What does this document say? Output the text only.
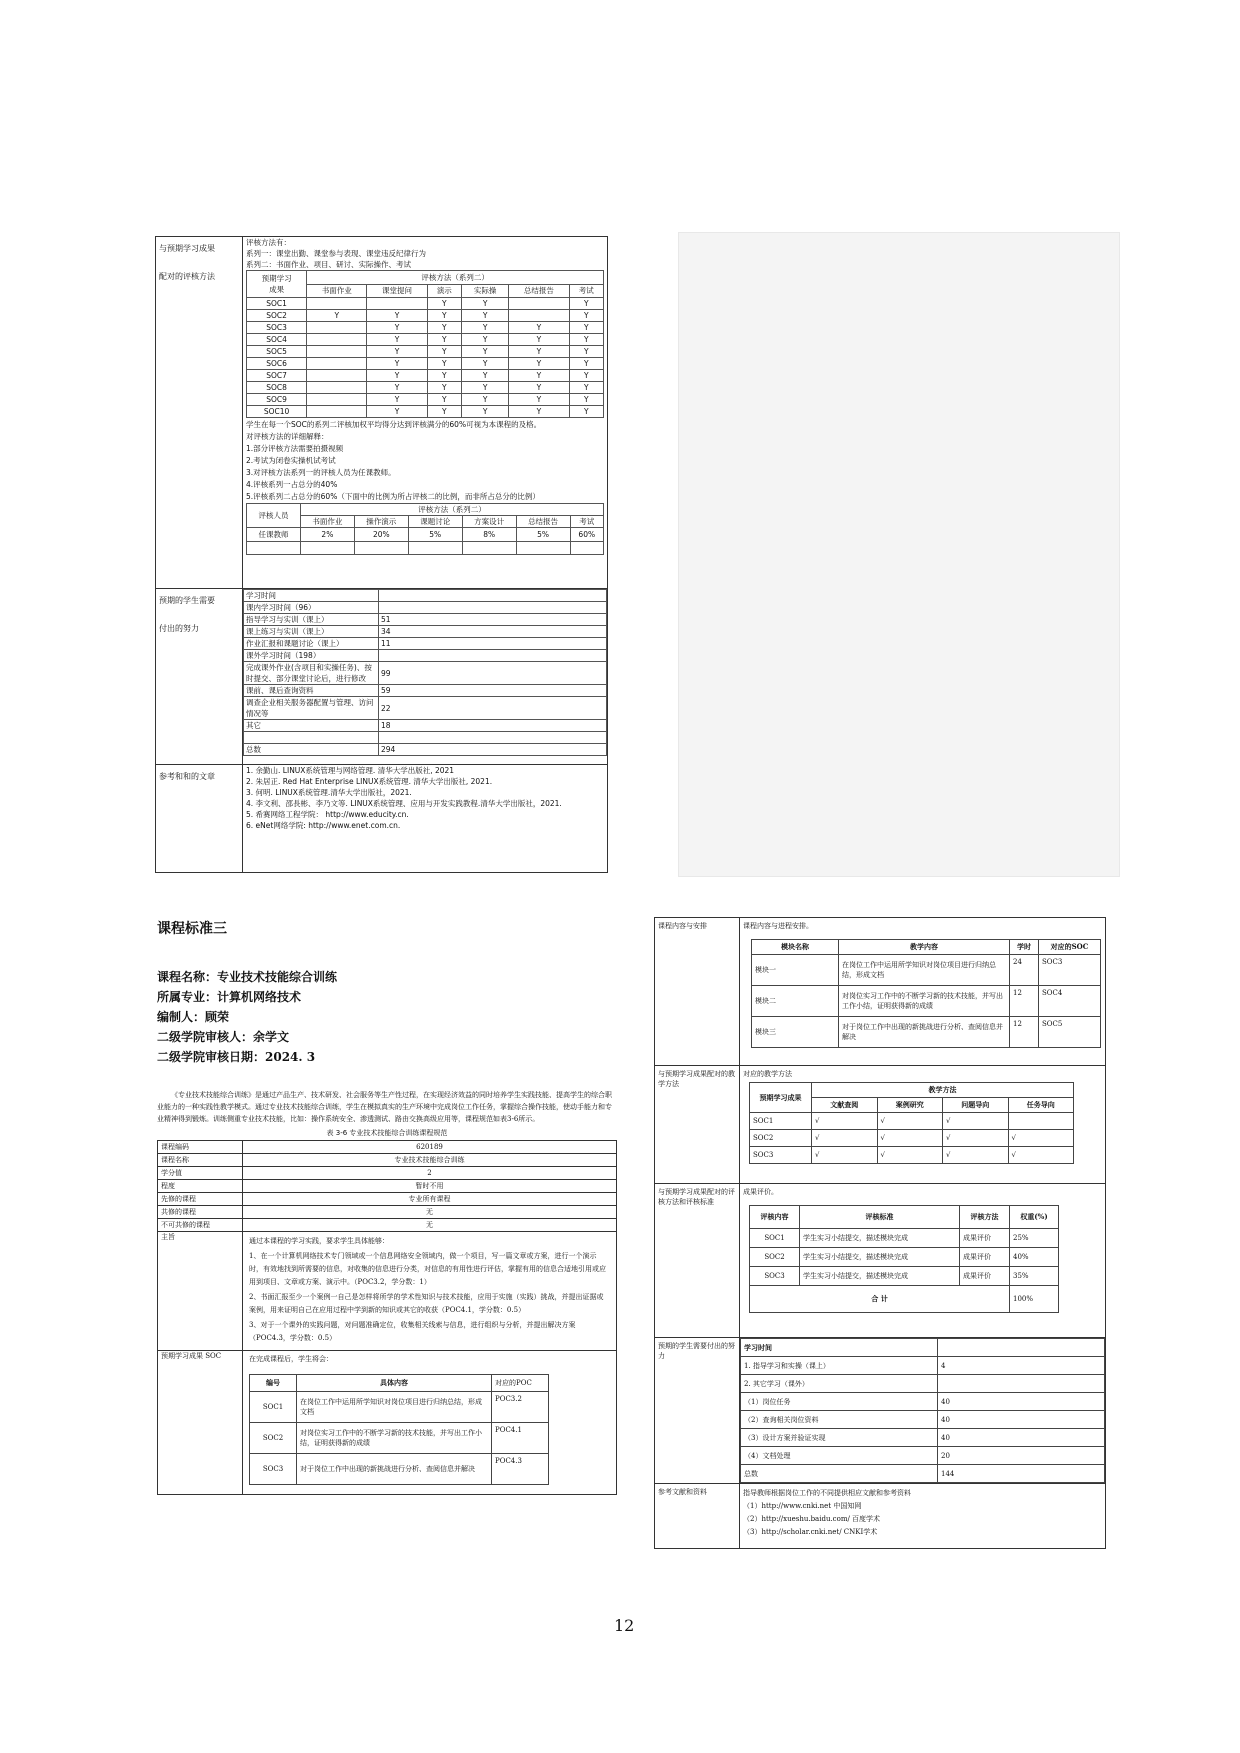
与预期学习成果
配对的评核方法

评核方法有：
系列一：课堂出勤、课堂参与表现、课堂违反纪律行为
系列二：书面作业、项目、研讨、实际操作、考试
预期学习
成果	评核方法（系列二）
书面作业	课堂提问	演示	实际操	总结报告	考试
SOC1			Y	Y		Y
SOC2	Y	Y	Y	Y		Y
SOC3		Y	Y	Y	Y	Y
SOC4		Y	Y	Y	Y	Y
SOC5		Y	Y	Y	Y	Y
SOC6		Y	Y	Y	Y	Y
SOC7		Y	Y	Y	Y	Y
SOC8		Y	Y	Y	Y	Y
SOC9		Y	Y	Y	Y	Y
SOC10		Y	Y	Y	Y	Y
学生在每一个SOC的系列二评核加权平均得分达到评核满分的60%可视为本课程的及格。
对评核方法的详细解释：
1.部分评核方法需要拍摄视频
2.考试为闭卷实操机试考试
3.对评核方法系列一的评核人员为任课教师。
4.评核系列一占总分的40%
5.评核系列二占总分的60%（下面中的比例为所占评核二的比例，而非所占总分的比例）
评核人员	评核方法（系列二）
书面作业	操作演示	课题讨论	方案设计	总结报告	考试
任课教师	2%	20%	5%	8%	5%	60%

预期的学生需要
付出的努力

学习时间	
课内学习时间（96）	
指导学习与实训（课上）	51
课上练习与实训（课上）	34
作业汇报和课题讨论（课上）	11
课外学习时间（198）	
完成课外作业(含项目和实操任务)、按时提交、部分课堂讨论后，进行修改	99
课前、课后查询资料	59
调查企业相关服务器配置与管理、访问情况等	22
其它	18

总数	294

参考和和的文章	
1. 余勤山. LINUX系统管理与网络管理. 清华大学出版社, 2021
2. 朱居正. Red Hat Enterprise LINUX系统管理. 清华大学出版社, 2021.
3. 何明. LINUX系统管理.清华大学出版社，2021.
4. 李文利、邵長彬、李乃文等. LINUX系统管理、应用与开发实践教程.清华大学出版社，2021.
5. 希赛网络工程学院： http://www.educity.cn.
6. eNet网络学院: http://www.enet.com.cn.
课程标准三
课程名称：专业技术技能综合训练
所属专业：计算机网络技术
编制人：顾荣
二级学院审核人：余学文
二级学院审核日期：2024. 3
《专业技术技能综合训练》是通过产品生产、技术研发、社会服务等生产性过程，在实现经济效益的同时培养学生实践技能、提高学生的综合职业能力的一种实践性教学模式。通过专业技术技能综合训练，学生在模拟真实的生产环境中完成岗位工作任务，掌握综合操作技能，使动手能力和专业精神得到锻炼。训练侧重专业技术技能，比如：操作系统安全、渗透测试、路由交换高级应用等，课程规范如表3-6所示。
表 3-6 专业技术技能综合训练课程规范
课程编码	620189
课程名称	专业技术技能综合训练
学分值	2
程度	暂时不用
先修的课程	专业所有课程
共修的课程	无
不可共修的课程	无
主旨	通过本课程的学习实践，要求学生具体能够：
1、在一个计算机网络技术专门领域或一个信息网络安全领域内，做一个项目，写一篇文章或方案，进行一个演示时，有效地找到所需要的信息，对收集的信息进行分类，对信息的有用性进行评估，掌握有用的信息合适地引用或应用到项目、文章或方案、演示中。（POC3.2，学分数：1）
2、书面汇报至少一个案例一自己是怎样将所学的学术性知识与技术技能，应用于实施（实践）挑战，并提出证据或案例，用来证明自己在应用过程中学到新的知识或其它的收获（POC4.1，学分数：0.5）
3、对于一个课外的实践问题，对问题准确定位，收集相关线索与信息，进行组织与分析，并提出解决方案（POC4.3，学分数：0.5）

预期学习成果 SOC	在完成课程后，学生将会：
编号	具体内容	对应的POC
SOC1	在岗位工作中运用所学知识对岗位项目进行归纳总结，形成文档	POC3.2
SOC2	对岗位实习工作中的不断学习新的技术技能，并写出工作小结，证明获得新的成绩	POC4.1
SOC3	对于岗位工作中出现的新挑战进行分析、查阅信息并解决	POC4.3
课程内容与安排	课程内容与进程安排。
模块名称	教学内容	学时	对应的SOC
模块一	在岗位工作中运用所学知识对岗位项目进行归纳总结，形成文档	24	SOC3
模块二	对岗位实习工作中的不断学习新的技术技能，并写出工作小结，证明获得新的成绩	12	SOC4
模块三	对于岗位工作中出现的新挑战进行分析、查阅信息并解决	12	SOC5

与预期学习成果配对的教学方法	
对应的教学方法
预期学习成果	教学方法
文献查阅	案例研究	问题导向	任务导向
SOC1	√	√	√	
SOC2	√	√	√	√
SOC3	√	√	√	√

与预期学习成果配对的评核方法和评核标准	
成果评价。
评核内容	评核标准	评核方法	权重(%)
SOC1	学生实习小结提交，描述模块完成	成果评价	25%
SOC2	学生实习小结提交，描述模块完成	成果评价	40%
SOC3	学生实习小结提交，描述模块完成	成果评价	35%
合 计	100%

预期的学生需要付出的努力	
学习时间	
1. 指导学习和实操（课上）	4
2. 其它学习（课外）	
（1）岗位任务	40
（2）查询相关岗位资料	40
（3）设计方案并验证实现	40
（4）文档处理	20
总数	144

参考文献和资料	指导教师根据岗位工作的不同提供相应文献和参考资料
（1）http://www.cnki.net 中国知网
（2）http://xueshu.baidu.com/ 百度学术
（3）http://scholar.cnki.net/ CNKI学术
12
